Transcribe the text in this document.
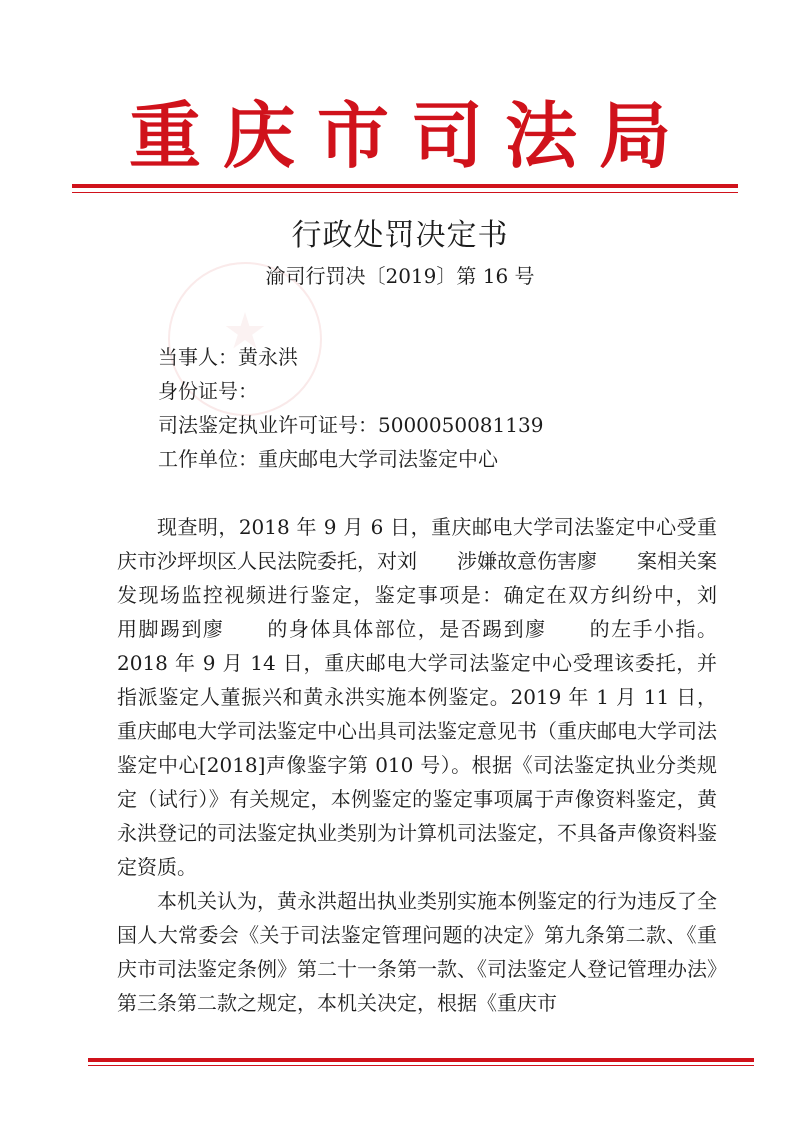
重庆市司法局
行政处罚决定书
渝司行罚决〔2019〕第 16 号
当事人：黄永洪
身份证号：
司法鉴定执业许可证号：5000050081139
工作单位：重庆邮电大学司法鉴定中心

现查明，2018 年 9 月 6 日，重庆邮电大学司法鉴定中心受重庆市沙坪坝区人民法院委托，对刘　　涉嫌故意伤害廖　　案相关案发现场监控视频进行鉴定，鉴定事项是：确定在双方纠纷中，刘　　用脚踢到廖　　的身体具体部位，是否踢到廖　　的左手小指。2018 年 9 月 14 日，重庆邮电大学司法鉴定中心受理该委托，并指派鉴定人董振兴和黄永洪实施本例鉴定。2019 年 1 月 11 日，重庆邮电大学司法鉴定中心出具司法鉴定意见书（重庆邮电大学司法鉴定中心[2018]声像鉴字第 010 号）。根据《司法鉴定执业分类规定（试行）》有关规定，本例鉴定的鉴定事项属于声像资料鉴定，黄永洪登记的司法鉴定执业类别为计算机司法鉴定，不具备声像资料鉴定资质。

本机关认为，黄永洪超出执业类别实施本例鉴定的行为违反了全国人大常委会《关于司法鉴定管理问题的决定》第九条第二款、《重庆市司法鉴定条例》第二十一条第一款、《司法鉴定人登记管理办法》第三条第二款之规定，本机关决定，根据《重庆市
